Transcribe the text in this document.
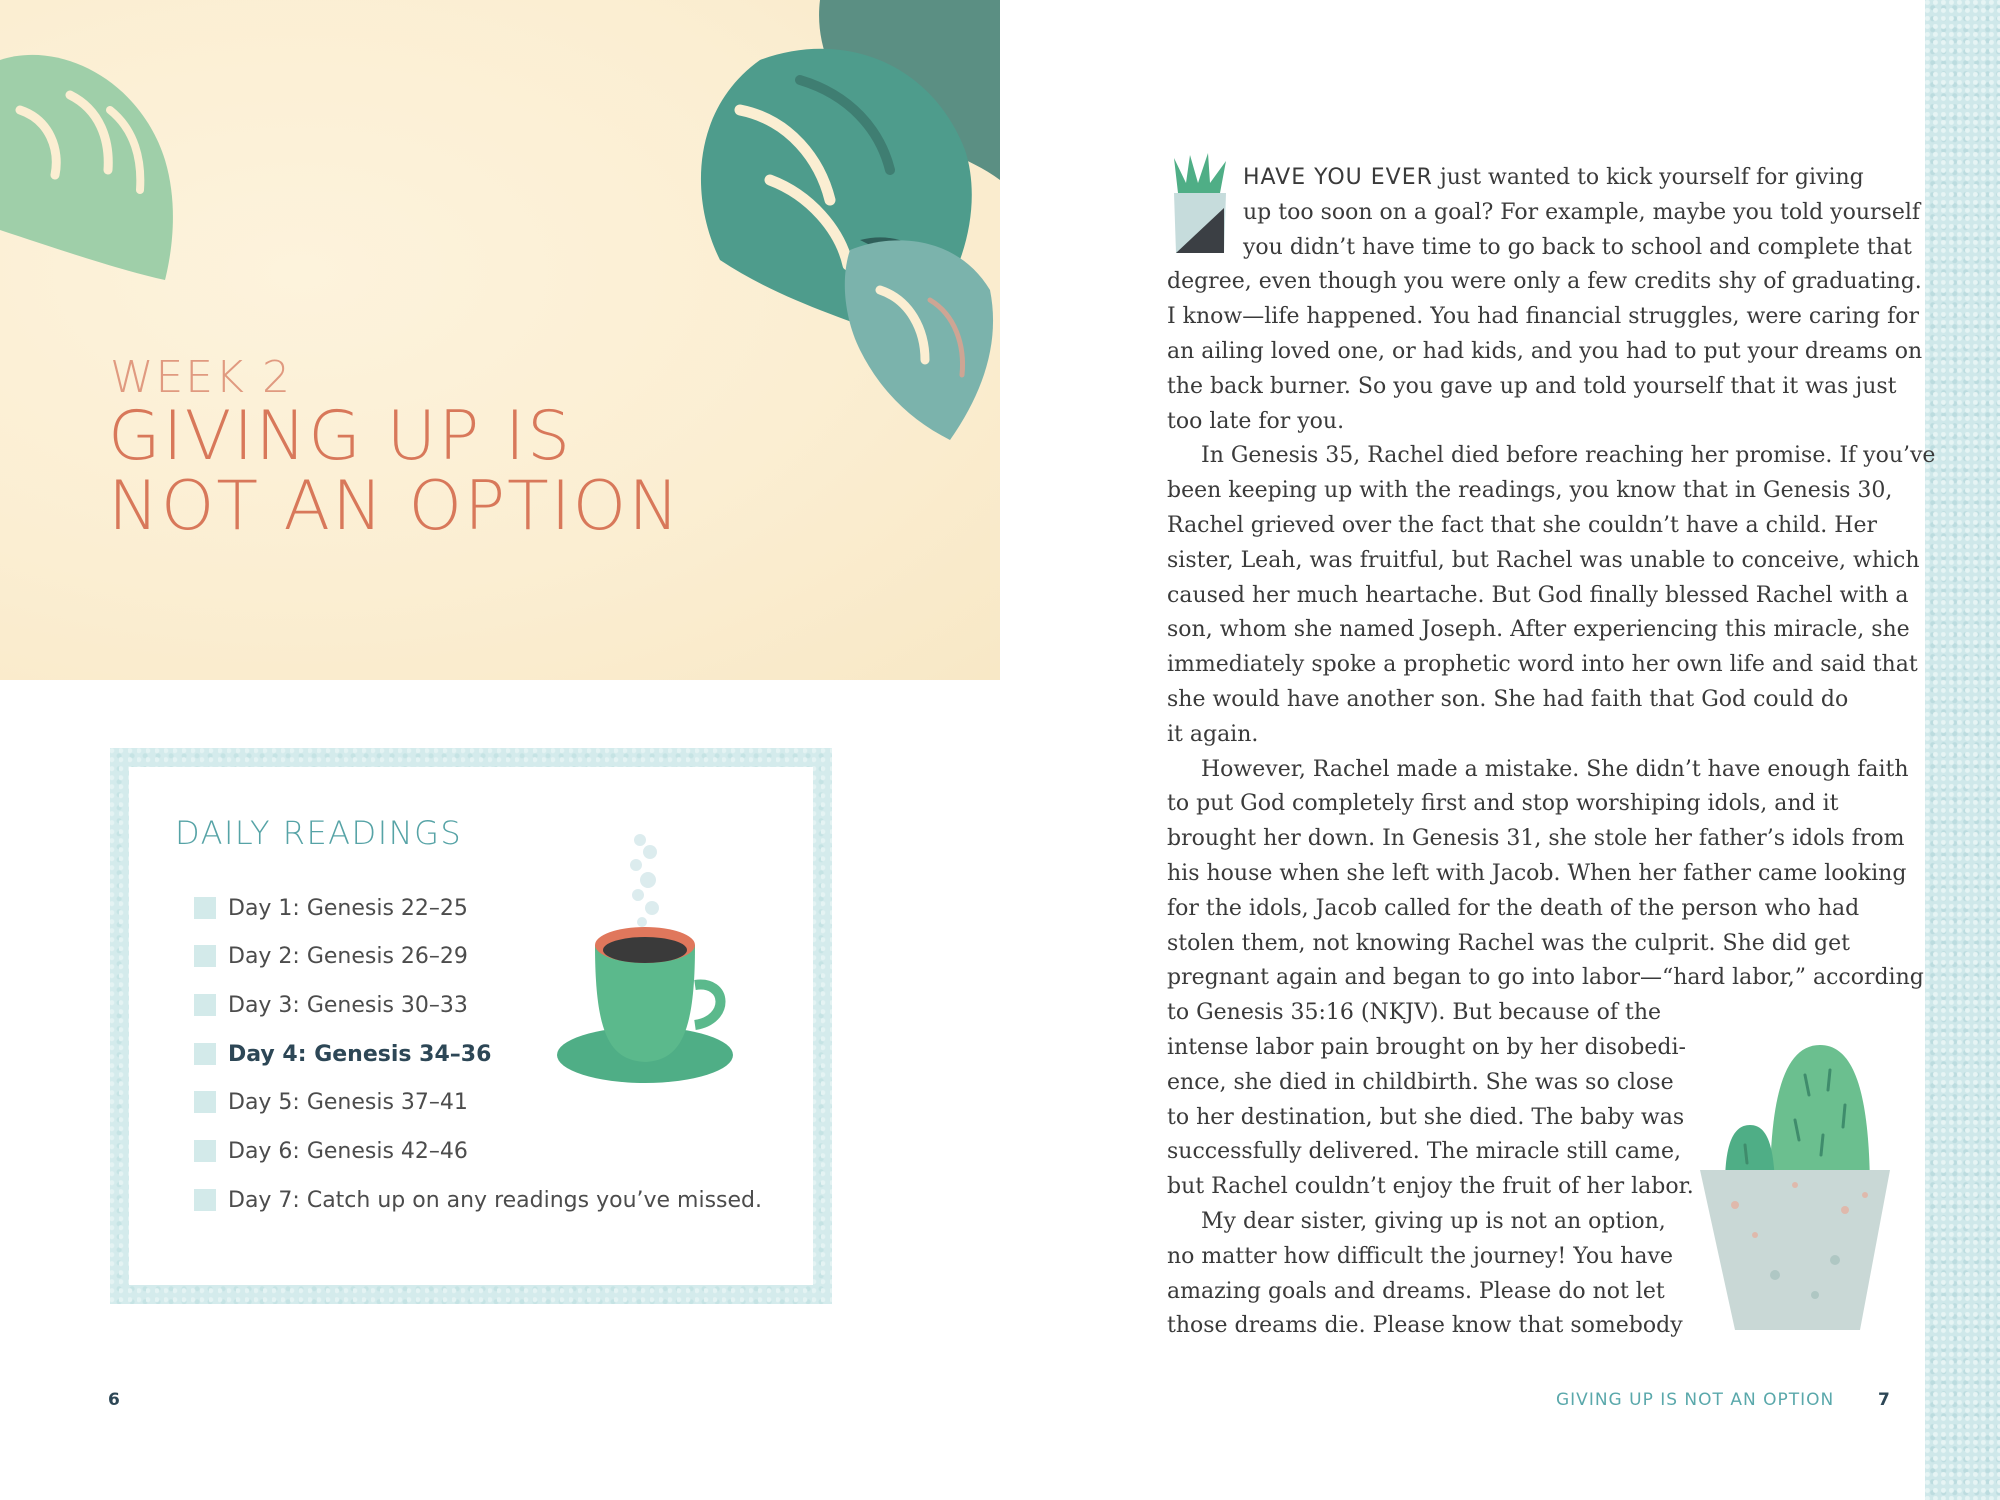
WEEK 2
GIVING UP IS
NOT AN OPTION
DAILY READINGS
Day 1: Genesis 22–25
Day 2: Genesis 26–29
Day 3: Genesis 30–33
Day 4: Genesis 34–36
Day 5: Genesis 37–41
Day 6: Genesis 42–46
Day 7: Catch up on any readings you’ve missed.
6
HAVE YOU EVER just wanted to kick yourself for giving
up too soon on a goal? For example, maybe you told yourself
you didn’t have time to go back to school and complete that
degree, even though you were only a few credits shy of graduating.
I know—life happened. You had financial struggles, were caring for
an ailing loved one, or had kids, and you had to put your dreams on
the back burner. So you gave up and told yourself that it was just
too late for you.
In Genesis 35, Rachel died before reaching her promise. If you’ve
been keeping up with the readings, you know that in Genesis 30,
Rachel grieved over the fact that she couldn’t have a child. Her
sister, Leah, was fruitful, but Rachel was unable to conceive, which
caused her much heartache. But God finally blessed Rachel with a
son, whom she named Joseph. After experiencing this miracle, she
immediately spoke a prophetic word into her own life and said that
she would have another son. She had faith that God could do
it again.
However, Rachel made a mistake. She didn’t have enough faith
to put God completely first and stop worshiping idols, and it
brought her down. In Genesis 31, she stole her father’s idols from
his house when she left with Jacob. When her father came looking
for the idols, Jacob called for the death of the person who had
stolen them, not knowing Rachel was the culprit. She did get
pregnant again and began to go into labor—“hard labor,” according
to Genesis 35:16 (NKJV). But because of the
intense labor pain brought on by her disobedi-
ence, she died in childbirth. She was so close
to her destination, but she died. The baby was
successfully delivered. The miracle still came,
but Rachel couldn’t enjoy the fruit of her labor.
My dear sister, giving up is not an option,
no matter how difficult the journey! You have
amazing goals and dreams. Please do not let
those dreams die. Please know that somebody
GIVING UP IS NOT AN OPTION	7
